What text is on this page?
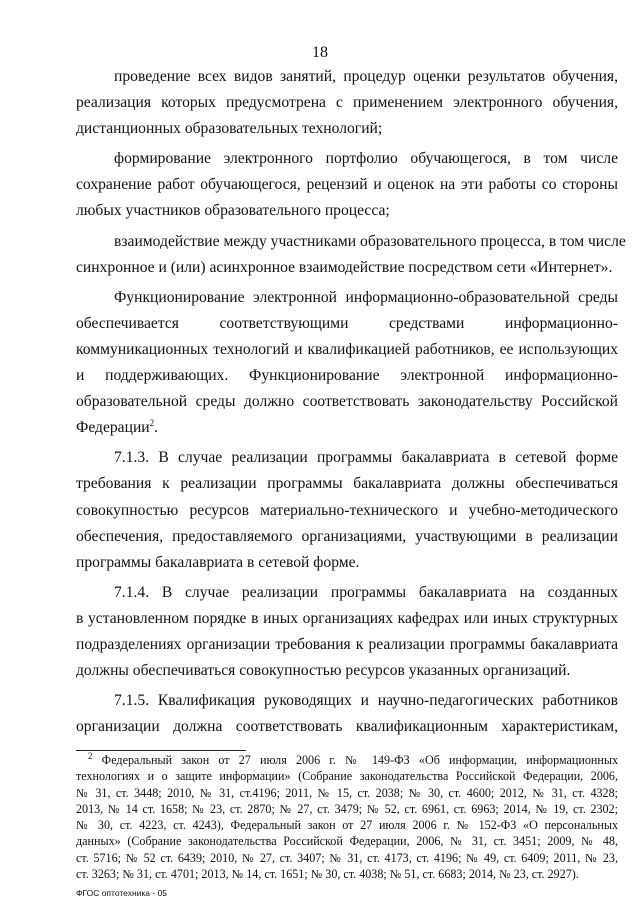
18
проведение всех видов занятий, процедур оценки результатов обучения,
реализация которых предусмотрена с применением электронного обучения,
дистанционных образовательных технологий;
формирование электронного портфолио обучающегося, в том числе
сохранение работ обучающегося, рецензий и оценок на эти работы со стороны
любых участников образовательного процесса;
взаимодействие между участниками образовательного процесса, в том числе
синхронное и (или) асинхронное взаимодействие посредством сети «Интернет».
Функционирование электронной информационно-образовательной среды
обеспечивается соответствующими средствами информационно-
коммуникационных технологий и квалификацией работников, ее использующих
и поддерживающих. Функционирование электронной информационно-
образовательной среды должно соответствовать законодательству Российской
Федерации$^2$.
7.1.3. В случае реализации программы бакалавриата в сетевой форме
требования к реализации программы бакалавриата должны обеспечиваться
совокупностью ресурсов материально-технического и учебно-методического
обеспечения, предоставляемого организациями, участвующими в реализации
программы бакалавриата в сетевой форме.
7.1.4. В случае реализации программы бакалавриата на созданных
в установленном порядке в иных организациях кафедрах или иных структурных
подразделениях организации требования к реализации программы бакалавриата
должны обеспечиваться совокупностью ресурсов указанных организаций.
7.1.5. Квалификация руководящих и научно-педагогических работников
организации должна соответствовать квалификационным характеристикам,
$^2$ Федеральный закон от 27 июля 2006 г. № 149-ФЗ «Об информации, информационных
технологиях и о защите информации» (Собрание законодательства Российской Федерации, 2006,
№ 31, ст. 3448; 2010, № 31, ст.4196; 2011, № 15, ст. 2038; № 30, ст. 4600; 2012, № 31, ст. 4328;
2013, № 14 ст. 1658; № 23, ст. 2870; № 27, ст. 3479; № 52, ст. 6961, ст. 6963; 2014, № 19, ст. 2302;
№ 30, ст. 4223, ст. 4243), Федеральный закон от 27 июля 2006 г. № 152-ФЗ «О персональных
данных» (Собрание законодательства Российской Федерации, 2006, № 31, ст. 3451; 2009, № 48,
ст. 5716; № 52 ст. 6439; 2010, № 27, ст. 3407; № 31, ст. 4173, ст. 4196; № 49, ст. 6409; 2011, № 23,
ст. 3263; № 31, ст. 4701; 2013, № 14, ст. 1651; № 30, ст. 4038; № 51, ст. 6683; 2014, № 23, ст. 2927).
ФГОС оптотехника - 05
